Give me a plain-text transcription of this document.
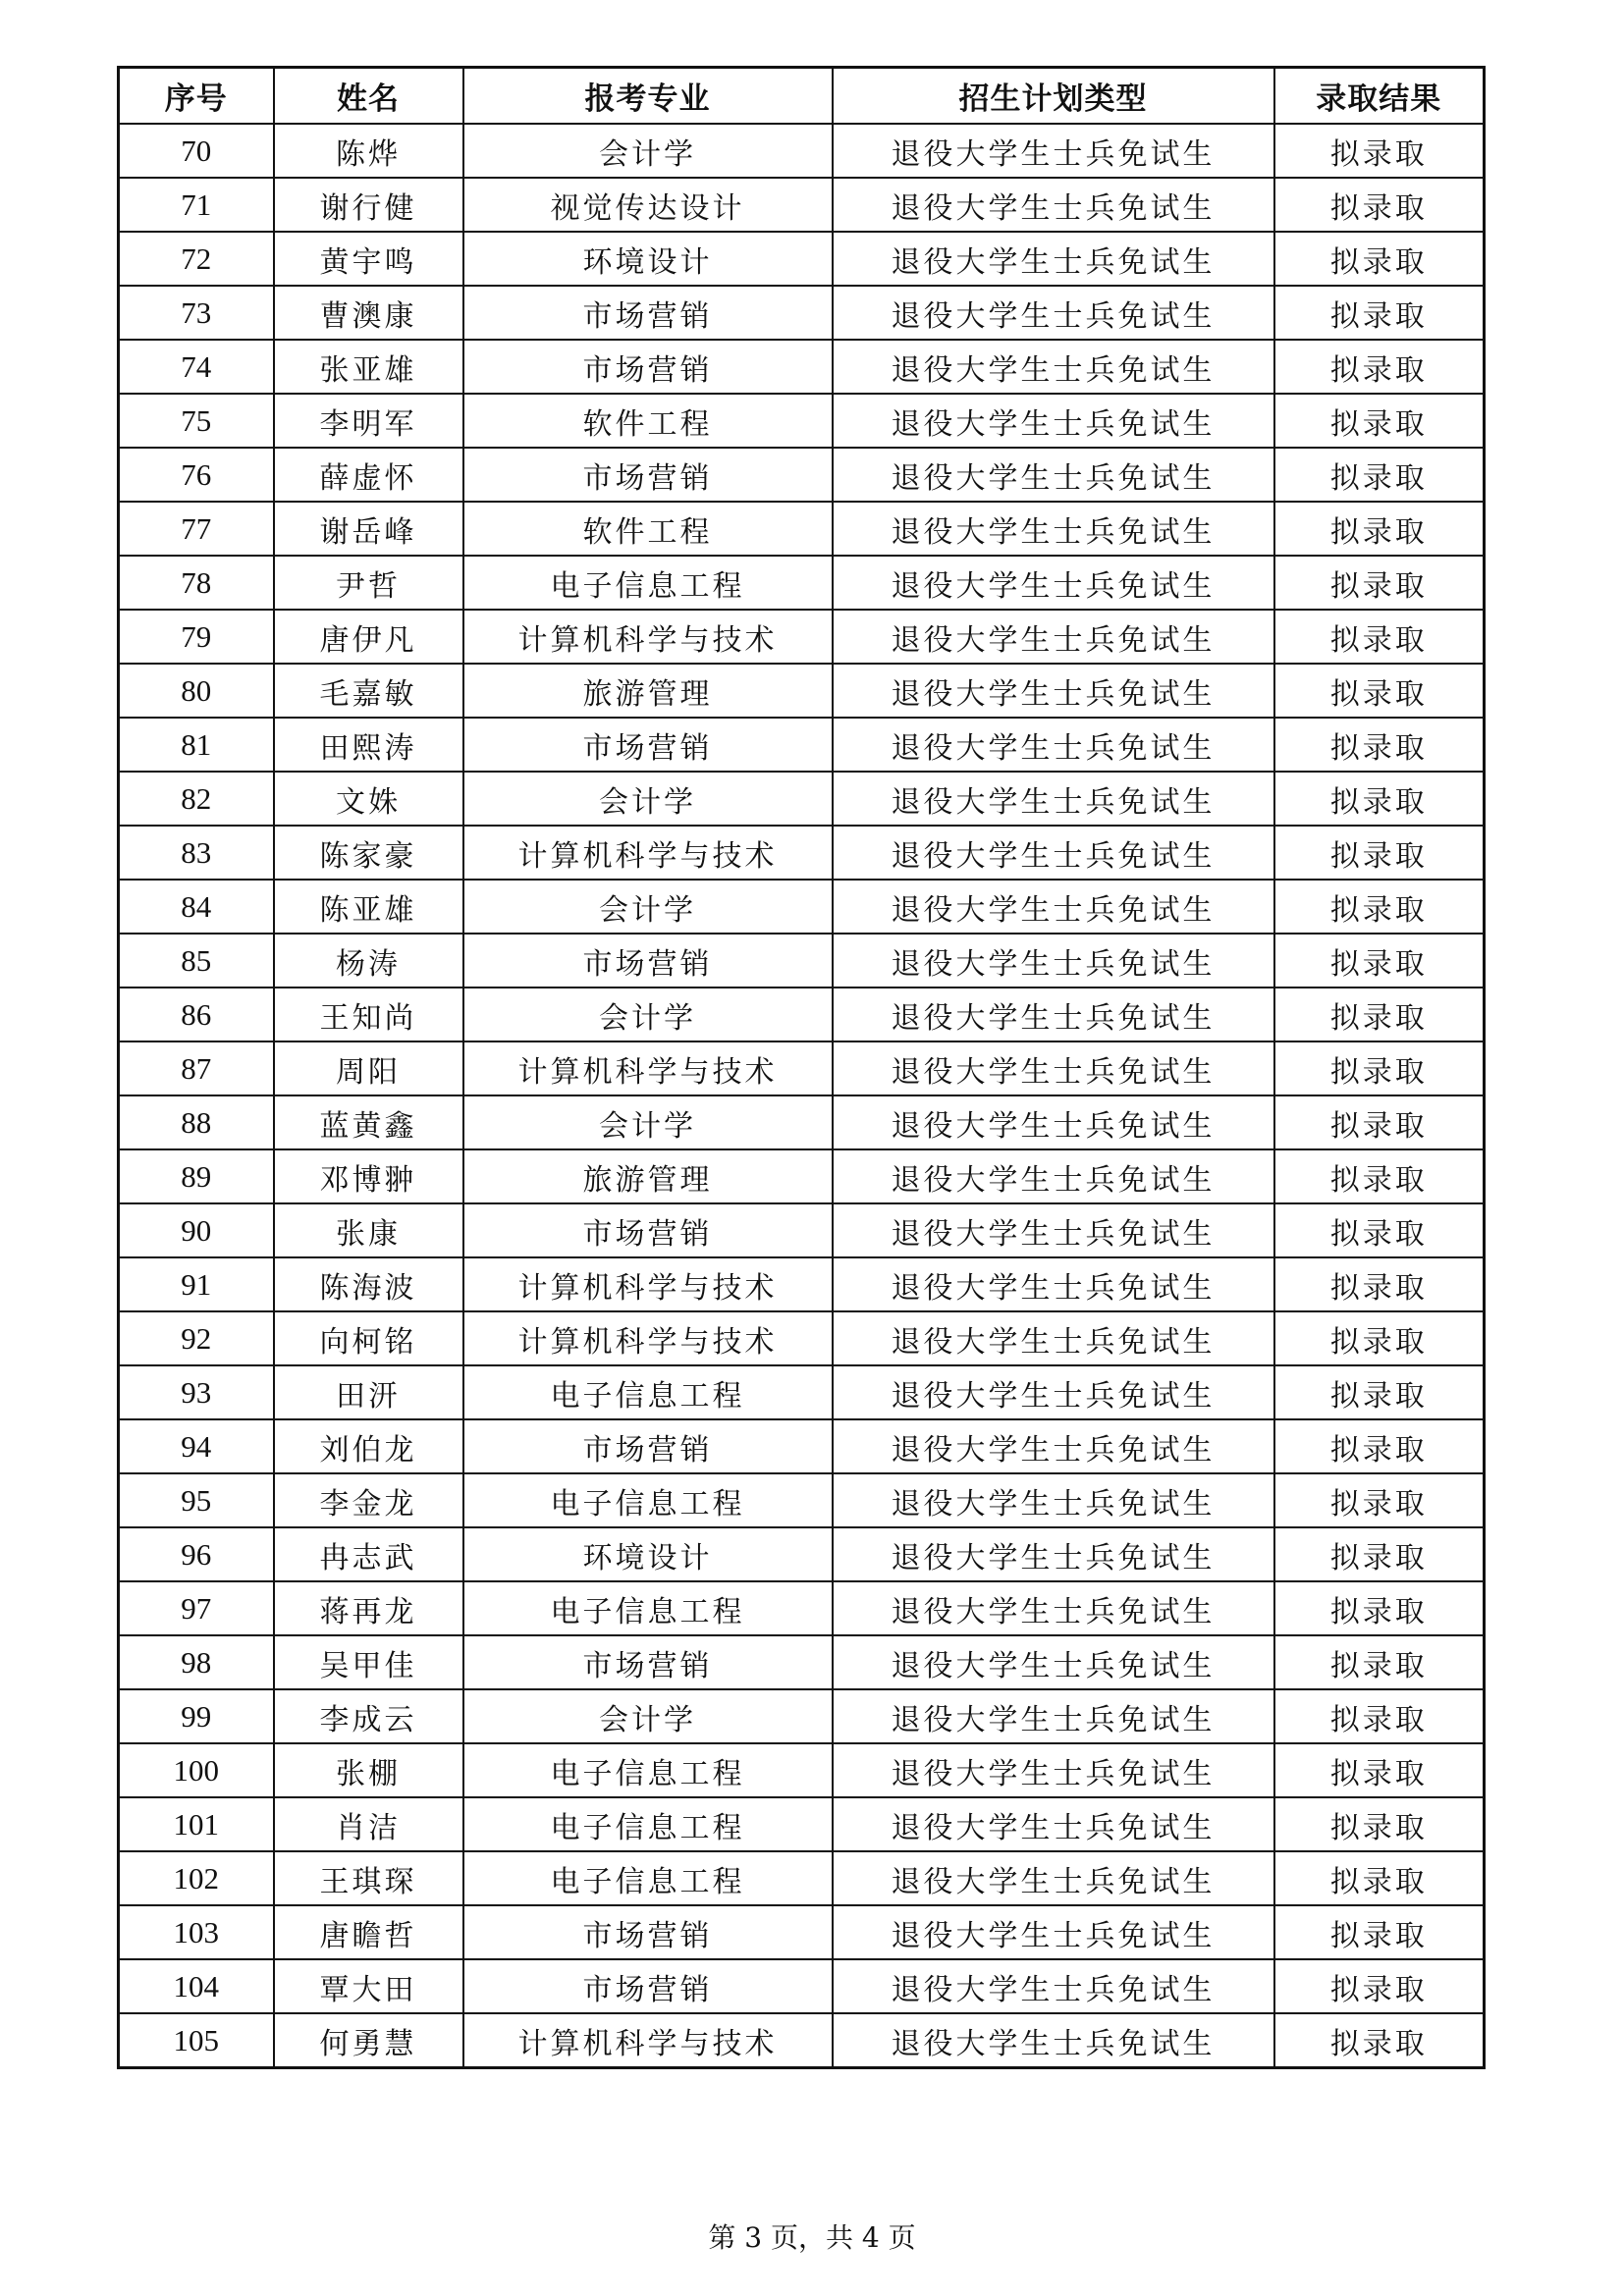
序号	姓名	报考专业	招生计划类型	录取结果
70	陈烨	会计学	退役大学生士兵免试生	拟录取
71	谢行健	视觉传达设计	退役大学生士兵免试生	拟录取
72	黄宇鸣	环境设计	退役大学生士兵免试生	拟录取
73	曹澳康	市场营销	退役大学生士兵免试生	拟录取
74	张亚雄	市场营销	退役大学生士兵免试生	拟录取
75	李明军	软件工程	退役大学生士兵免试生	拟录取
76	薛虚怀	市场营销	退役大学生士兵免试生	拟录取
77	谢岳峰	软件工程	退役大学生士兵免试生	拟录取
78	尹哲	电子信息工程	退役大学生士兵免试生	拟录取
79	唐伊凡	计算机科学与技术	退役大学生士兵免试生	拟录取
80	毛嘉敏	旅游管理	退役大学生士兵免试生	拟录取
81	田熙涛	市场营销	退役大学生士兵免试生	拟录取
82	文姝	会计学	退役大学生士兵免试生	拟录取
83	陈家豪	计算机科学与技术	退役大学生士兵免试生	拟录取
84	陈亚雄	会计学	退役大学生士兵免试生	拟录取
85	杨涛	市场营销	退役大学生士兵免试生	拟录取
86	王知尚	会计学	退役大学生士兵免试生	拟录取
87	周阳	计算机科学与技术	退役大学生士兵免试生	拟录取
88	蓝黄鑫	会计学	退役大学生士兵免试生	拟录取
89	邓博翀	旅游管理	退役大学生士兵免试生	拟录取
90	张康	市场营销	退役大学生士兵免试生	拟录取
91	陈海波	计算机科学与技术	退役大学生士兵免试生	拟录取
92	向柯铭	计算机科学与技术	退役大学生士兵免试生	拟录取
93	田汧	电子信息工程	退役大学生士兵免试生	拟录取
94	刘伯龙	市场营销	退役大学生士兵免试生	拟录取
95	李金龙	电子信息工程	退役大学生士兵免试生	拟录取
96	冉志武	环境设计	退役大学生士兵免试生	拟录取
97	蒋再龙	电子信息工程	退役大学生士兵免试生	拟录取
98	吴甲佳	市场营销	退役大学生士兵免试生	拟录取
99	李成云	会计学	退役大学生士兵免试生	拟录取
100	张棚	电子信息工程	退役大学生士兵免试生	拟录取
101	肖洁	电子信息工程	退役大学生士兵免试生	拟录取
102	王琪琛	电子信息工程	退役大学生士兵免试生	拟录取
103	唐瞻哲	市场营销	退役大学生士兵免试生	拟录取
104	覃大田	市场营销	退役大学生士兵免试生	拟录取
105	何勇慧	计算机科学与技术	退役大学生士兵免试生	拟录取
第 3 页，共 4 页
